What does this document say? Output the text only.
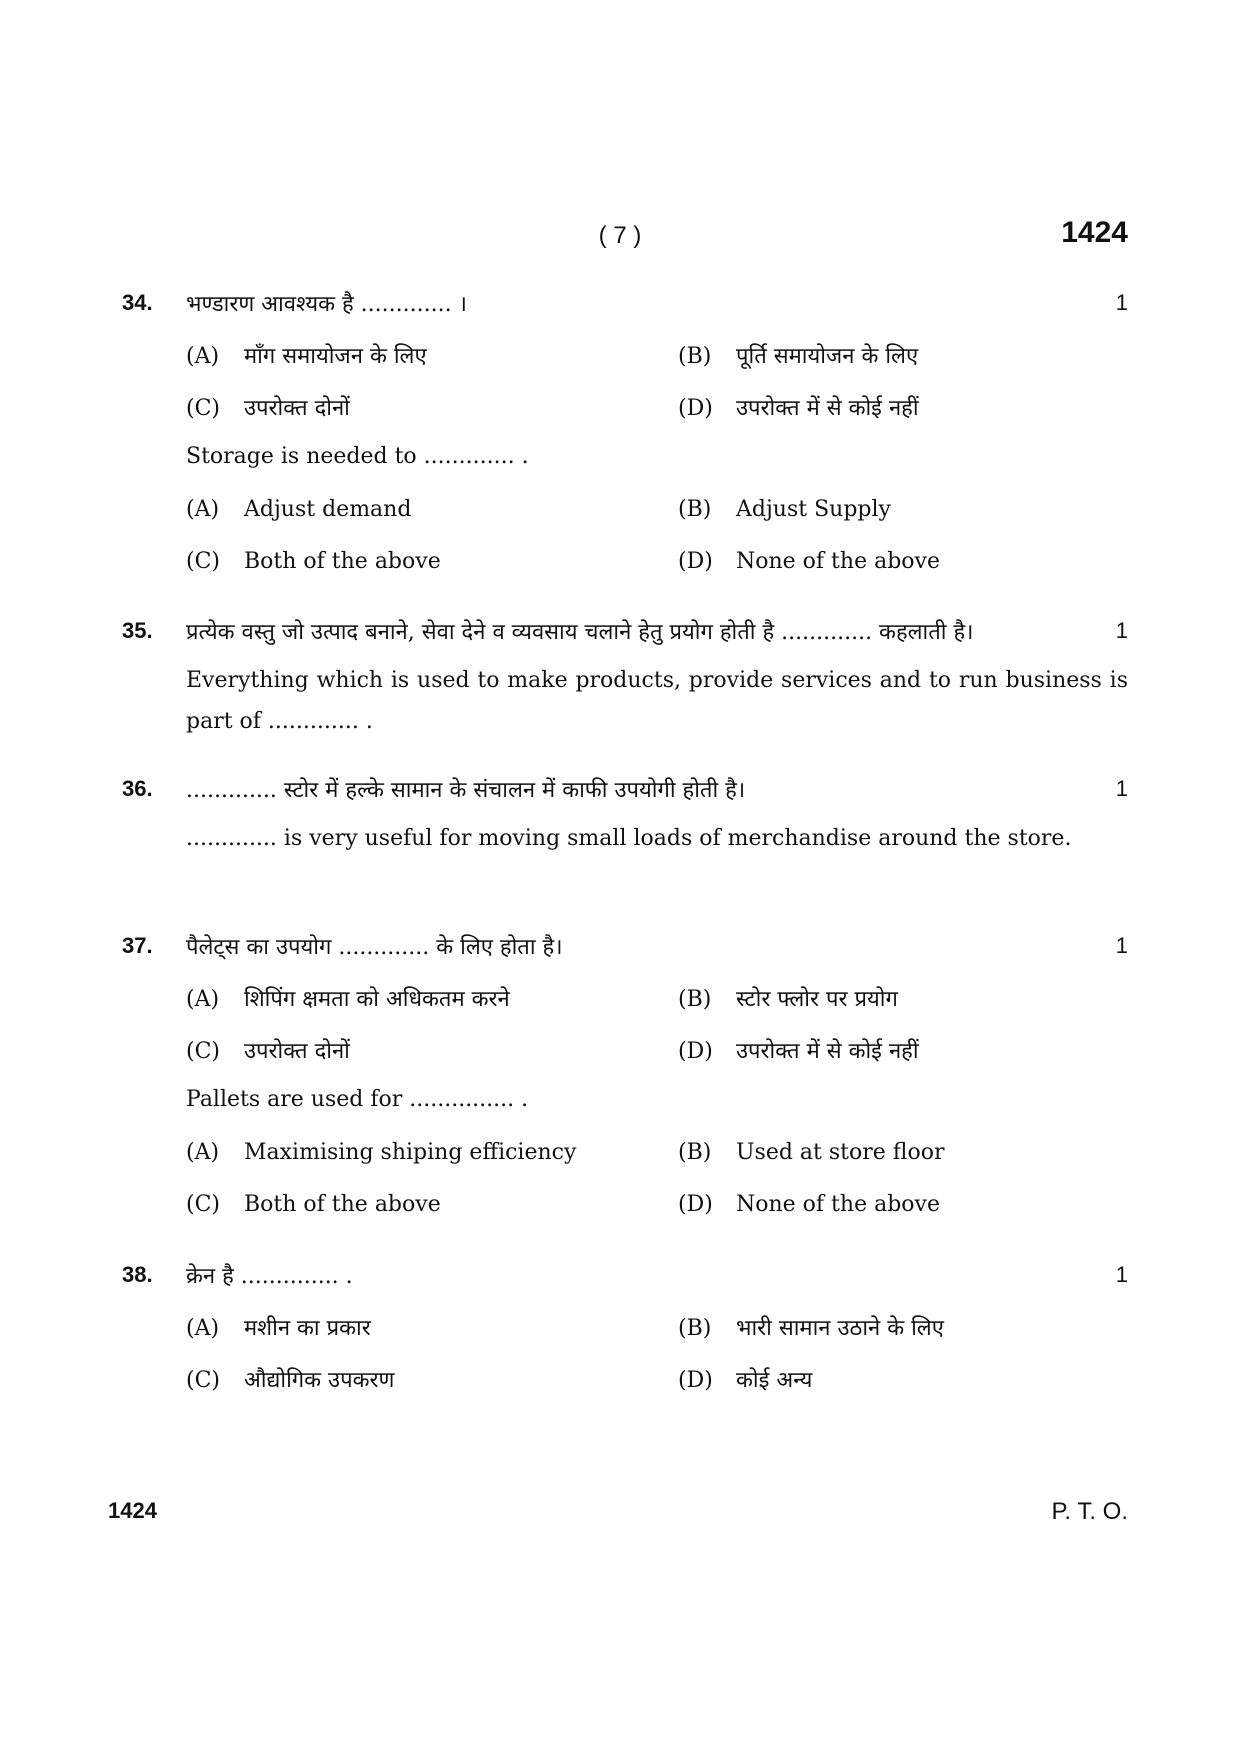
( 7 )	1424
34. भण्डारण आवश्यक है ............. ।	1
(A) माँग समायोजन के लिए	(B) पूर्ति समायोजन के लिए
(C) उपरोक्त दोनों	(D) उपरोक्त में से कोई नहीं
Storage is needed to ............. .
(A) Adjust demand	(B) Adjust Supply
(C) Both of the above	(D) None of the above
35. प्रत्येक वस्तु जो उत्पाद बनाने, सेवा देने व व्यवसाय चलाने हेतु प्रयोग होती है ............. कहलाती है।	1
Everything which is used to make products, provide services and to run business is part of ............. .
36. ............. स्टोर में हल्के सामान के संचालन में काफी उपयोगी होती है।	1
............. is very useful for moving small loads of merchandise around the store.
37. पैलेट्स का उपयोग ............. के लिए होता है।	1
(A) शिपिंग क्षमता को अधिकतम करने	(B) स्टोर फ्लोर पर प्रयोग
(C) उपरोक्त दोनों	(D) उपरोक्त में से कोई नहीं
Pallets are used for ............... .
(A) Maximising shiping efficiency	(B) Used at store floor
(C) Both of the above	(D) None of the above
38. क्रेन है .............. .	1
(A) मशीन का प्रकार	(B) भारी सामान उठाने के लिए
(C) औद्योगिक उपकरण	(D) कोई अन्य
1424	P. T. O.
